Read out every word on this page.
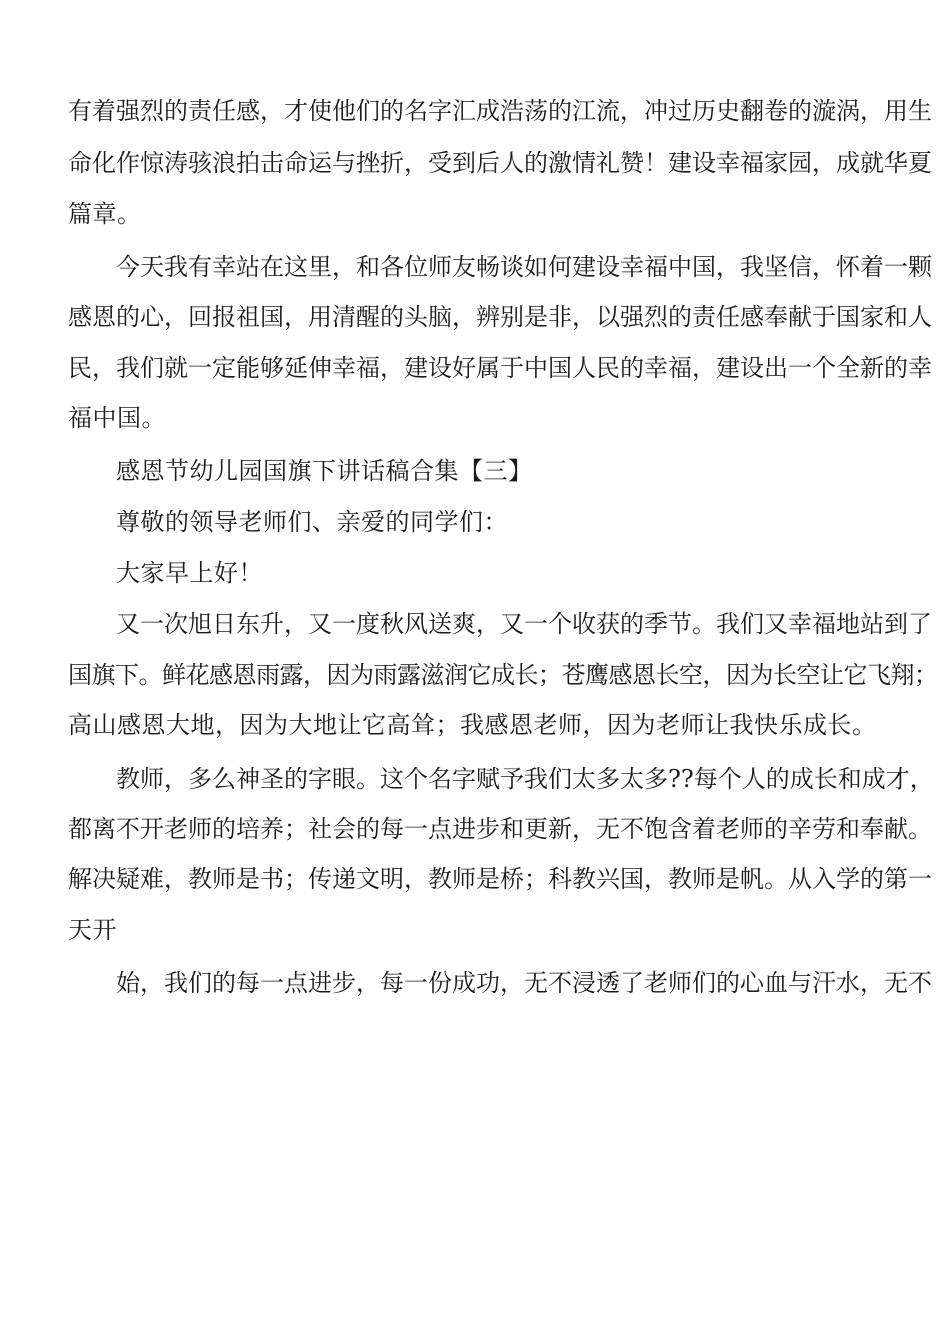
有着强烈的责任感，才使他们的名字汇成浩荡的江流，冲过历史翻卷的漩涡，用生

命化作惊涛骇浪拍击命运与挫折，受到后人的激情礼赞！建设幸福家园，成就华夏

篇章。

今天我有幸站在这里，和各位师友畅谈如何建设幸福中国，我坚信，怀着一颗

感恩的心，回报祖国，用清醒的头脑，辨别是非，以强烈的责任感奉献于国家和人

民，我们就一定能够延伸幸福，建设好属于中国人民的幸福，建设出一个全新的幸

福中国。

感恩节幼儿园国旗下讲话稿合集【三】

尊敬的领导老师们、亲爱的同学们：

大家早上好！

又一次旭日东升，又一度秋风送爽，又一个收获的季节。我们又幸福地站到了

国旗下。鲜花感恩雨露，因为雨露滋润它成长；苍鹰感恩长空，因为长空让它飞翔；

高山感恩大地，因为大地让它高耸；我感恩老师，因为老师让我快乐成长。

教师，多么神圣的字眼。这个名字赋予我们太多太多??每个人的成长和成才，

都离不开老师的培养；社会的每一点进步和更新，无不饱含着老师的辛劳和奉献。

解决疑难，教师是书；传递文明，教师是桥；科教兴国，教师是帆。从入学的第一

天开

始，我们的每一点进步，每一份成功，无不浸透了老师们的心血与汗水，无不
